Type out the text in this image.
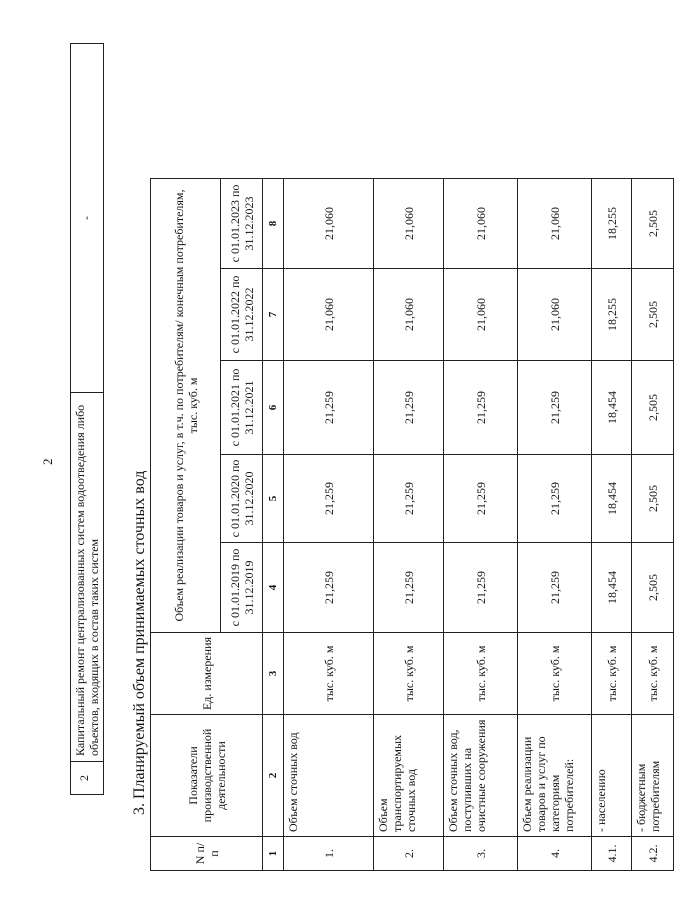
2
2	Капитальный ремонт централизованных систем водоотведения либо объектов, входящих в состав таких систем	-
3. Планируемый объем принимаемых сточных вод
N п/п	Показатели производственной деятельности	Ед. измерения	Объем реализации товаров и услуг, в т.ч. по потребителям/ конечным потребителям, тыс. куб. м				
			с 01.01.2019 по 31.12.2019	с 01.01.2020 по 31.12.2020	с 01.01.2021 по 31.12.2021	с 01.01.2022 по 31.12.2022	с 01.01.2023 по 31.12.2023
1	2	3	4	5	6	7	8
1.	Объем сточных вод	тыс. куб. м	21,259	21,259	21,259	21,060	21,060
2.	Объем транспортируемых сточных вод	тыс. куб. м	21,259	21,259	21,259	21,060	21,060
3.	Объем сточных вод, поступивших на очистные сооружения	тыс. куб. м	21,259	21,259	21,259	21,060	21,060
4.	Объем реализации товаров и услуг по категориям потребителей:	тыс. куб. м	21,259	21,259	21,259	21,060	21,060
4.1.	- населению	тыс. куб. м	18,454	18,454	18,454	18,255	18,255
4.2.	- бюджетным потребителям	тыс. куб. м	2,505	2,505	2,505	2,505	2,505
